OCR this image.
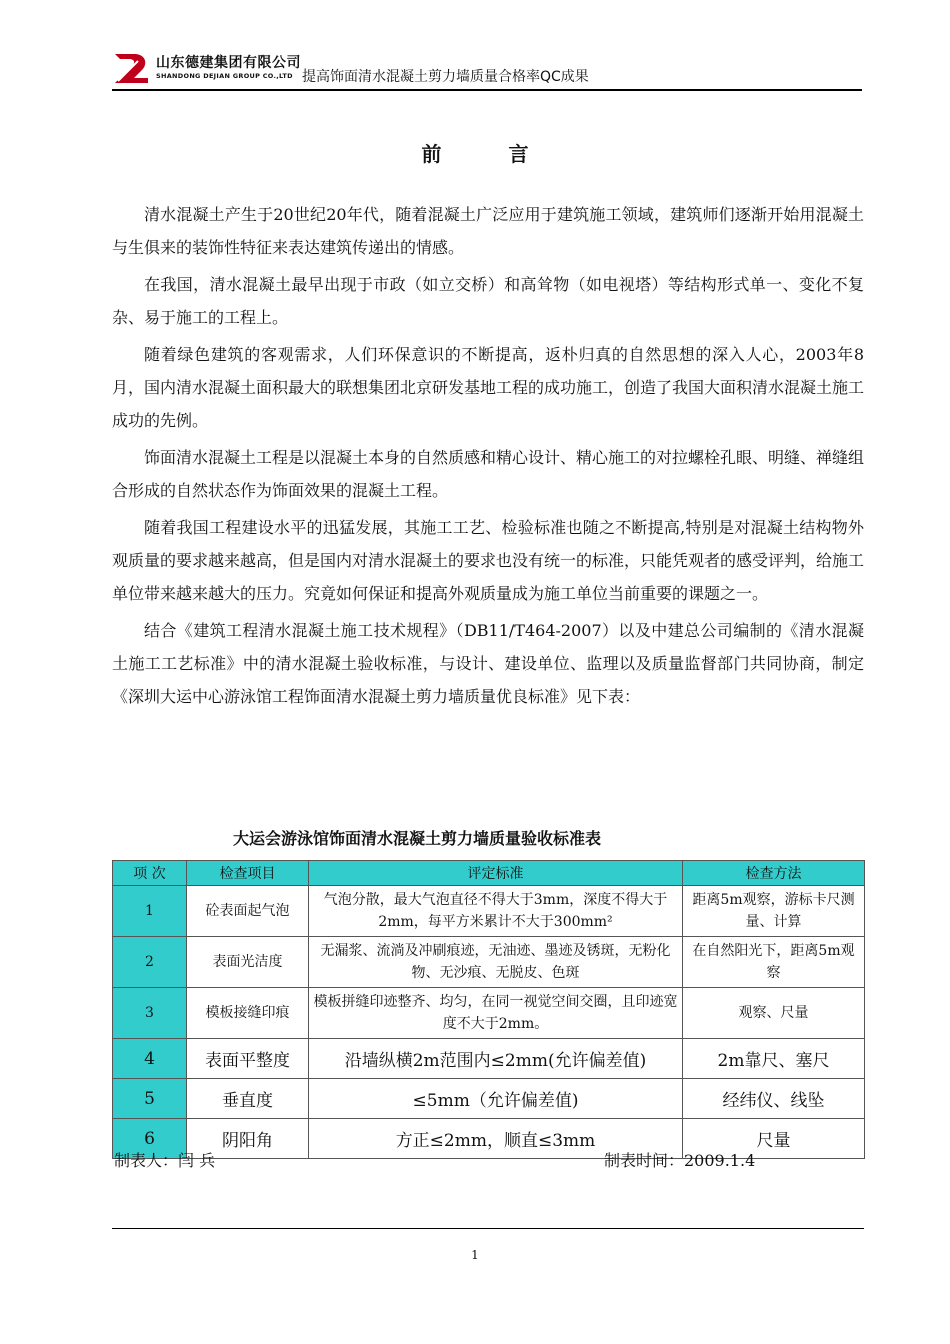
山东德建集团有限公司
SHANDONG DEJIAN GROUP CO.,LTD 提高饰面清水混凝土剪力墙质量合格率QC成果
前 言

清水混凝土产生于20世纪20年代，随着混凝土广泛应用于建筑施工领域，建筑师们逐渐开始用混凝土与生俱来的装饰性特征来表达建筑传递出的情感。

在我国，清水混凝土最早出现于市政（如立交桥）和高耸物（如电视塔）等结构形式单一、变化不复杂、易于施工的工程上。

随着绿色建筑的客观需求，人们环保意识的不断提高，返朴归真的自然思想的深入人心，2003年8月，国内清水混凝土面积最大的联想集团北京研发基地工程的成功施工，创造了我国大面积清水混凝土施工成功的先例。

饰面清水混凝土工程是以混凝土本身的自然质感和精心设计、精心施工的对拉螺栓孔眼、明缝、禅缝组合形成的自然状态作为饰面效果的混凝土工程。

随着我国工程建设水平的迅猛发展，其施工工艺、检验标准也随之不断提高,特别是对混凝土结构物外观质量的要求越来越高，但是国内对清水混凝土的要求也没有统一的标准，只能凭观者的感受评判，给施工单位带来越来越大的压力。究竟如何保证和提高外观质量成为施工单位当前重要的课题之一。

结合《建筑工程清水混凝土施工技术规程》（DB11/T464-2007）以及中建总公司编制的《清水混凝土施工工艺标准》中的清水混凝土验收标准，与设计、建设单位、监理以及质量监督部门共同协商，制定《深圳大运中心游泳馆工程饰面清水混凝土剪力墙质量优良标准》见下表：

大运会游泳馆饰面清水混凝土剪力墙质量验收标准表
项 次	检查项目	评定标准	检查方法
1	砼表面起气泡	气泡分散，最大气泡直径不得大于3mm，深度不得大于2mm，每平方米累计不大于300mm²	距离5m观察，游标卡尺测量、计算
2	表面光洁度	无漏浆、流淌及冲刷痕迹，无油迹、墨迹及锈斑，无粉化物、无沙痕、无脱皮、色斑	在自然阳光下，距离5m观察
3	模板接缝印痕	模板拼缝印迹整齐、均匀，在同一视觉空间交圈，且印迹宽度不大于2mm。	观察、尺量
4	表面平整度	沿墙纵横2m范围内≤2mm(允许偏差值)	2m靠尺、塞尺
5	垂直度	≤5mm（允许偏差值)	经纬仪、线坠
6	阴阳角	方正≤2mm，顺直≤3mm	尺量
制表人：闫 兵	制表时间：2009.1.4
1
